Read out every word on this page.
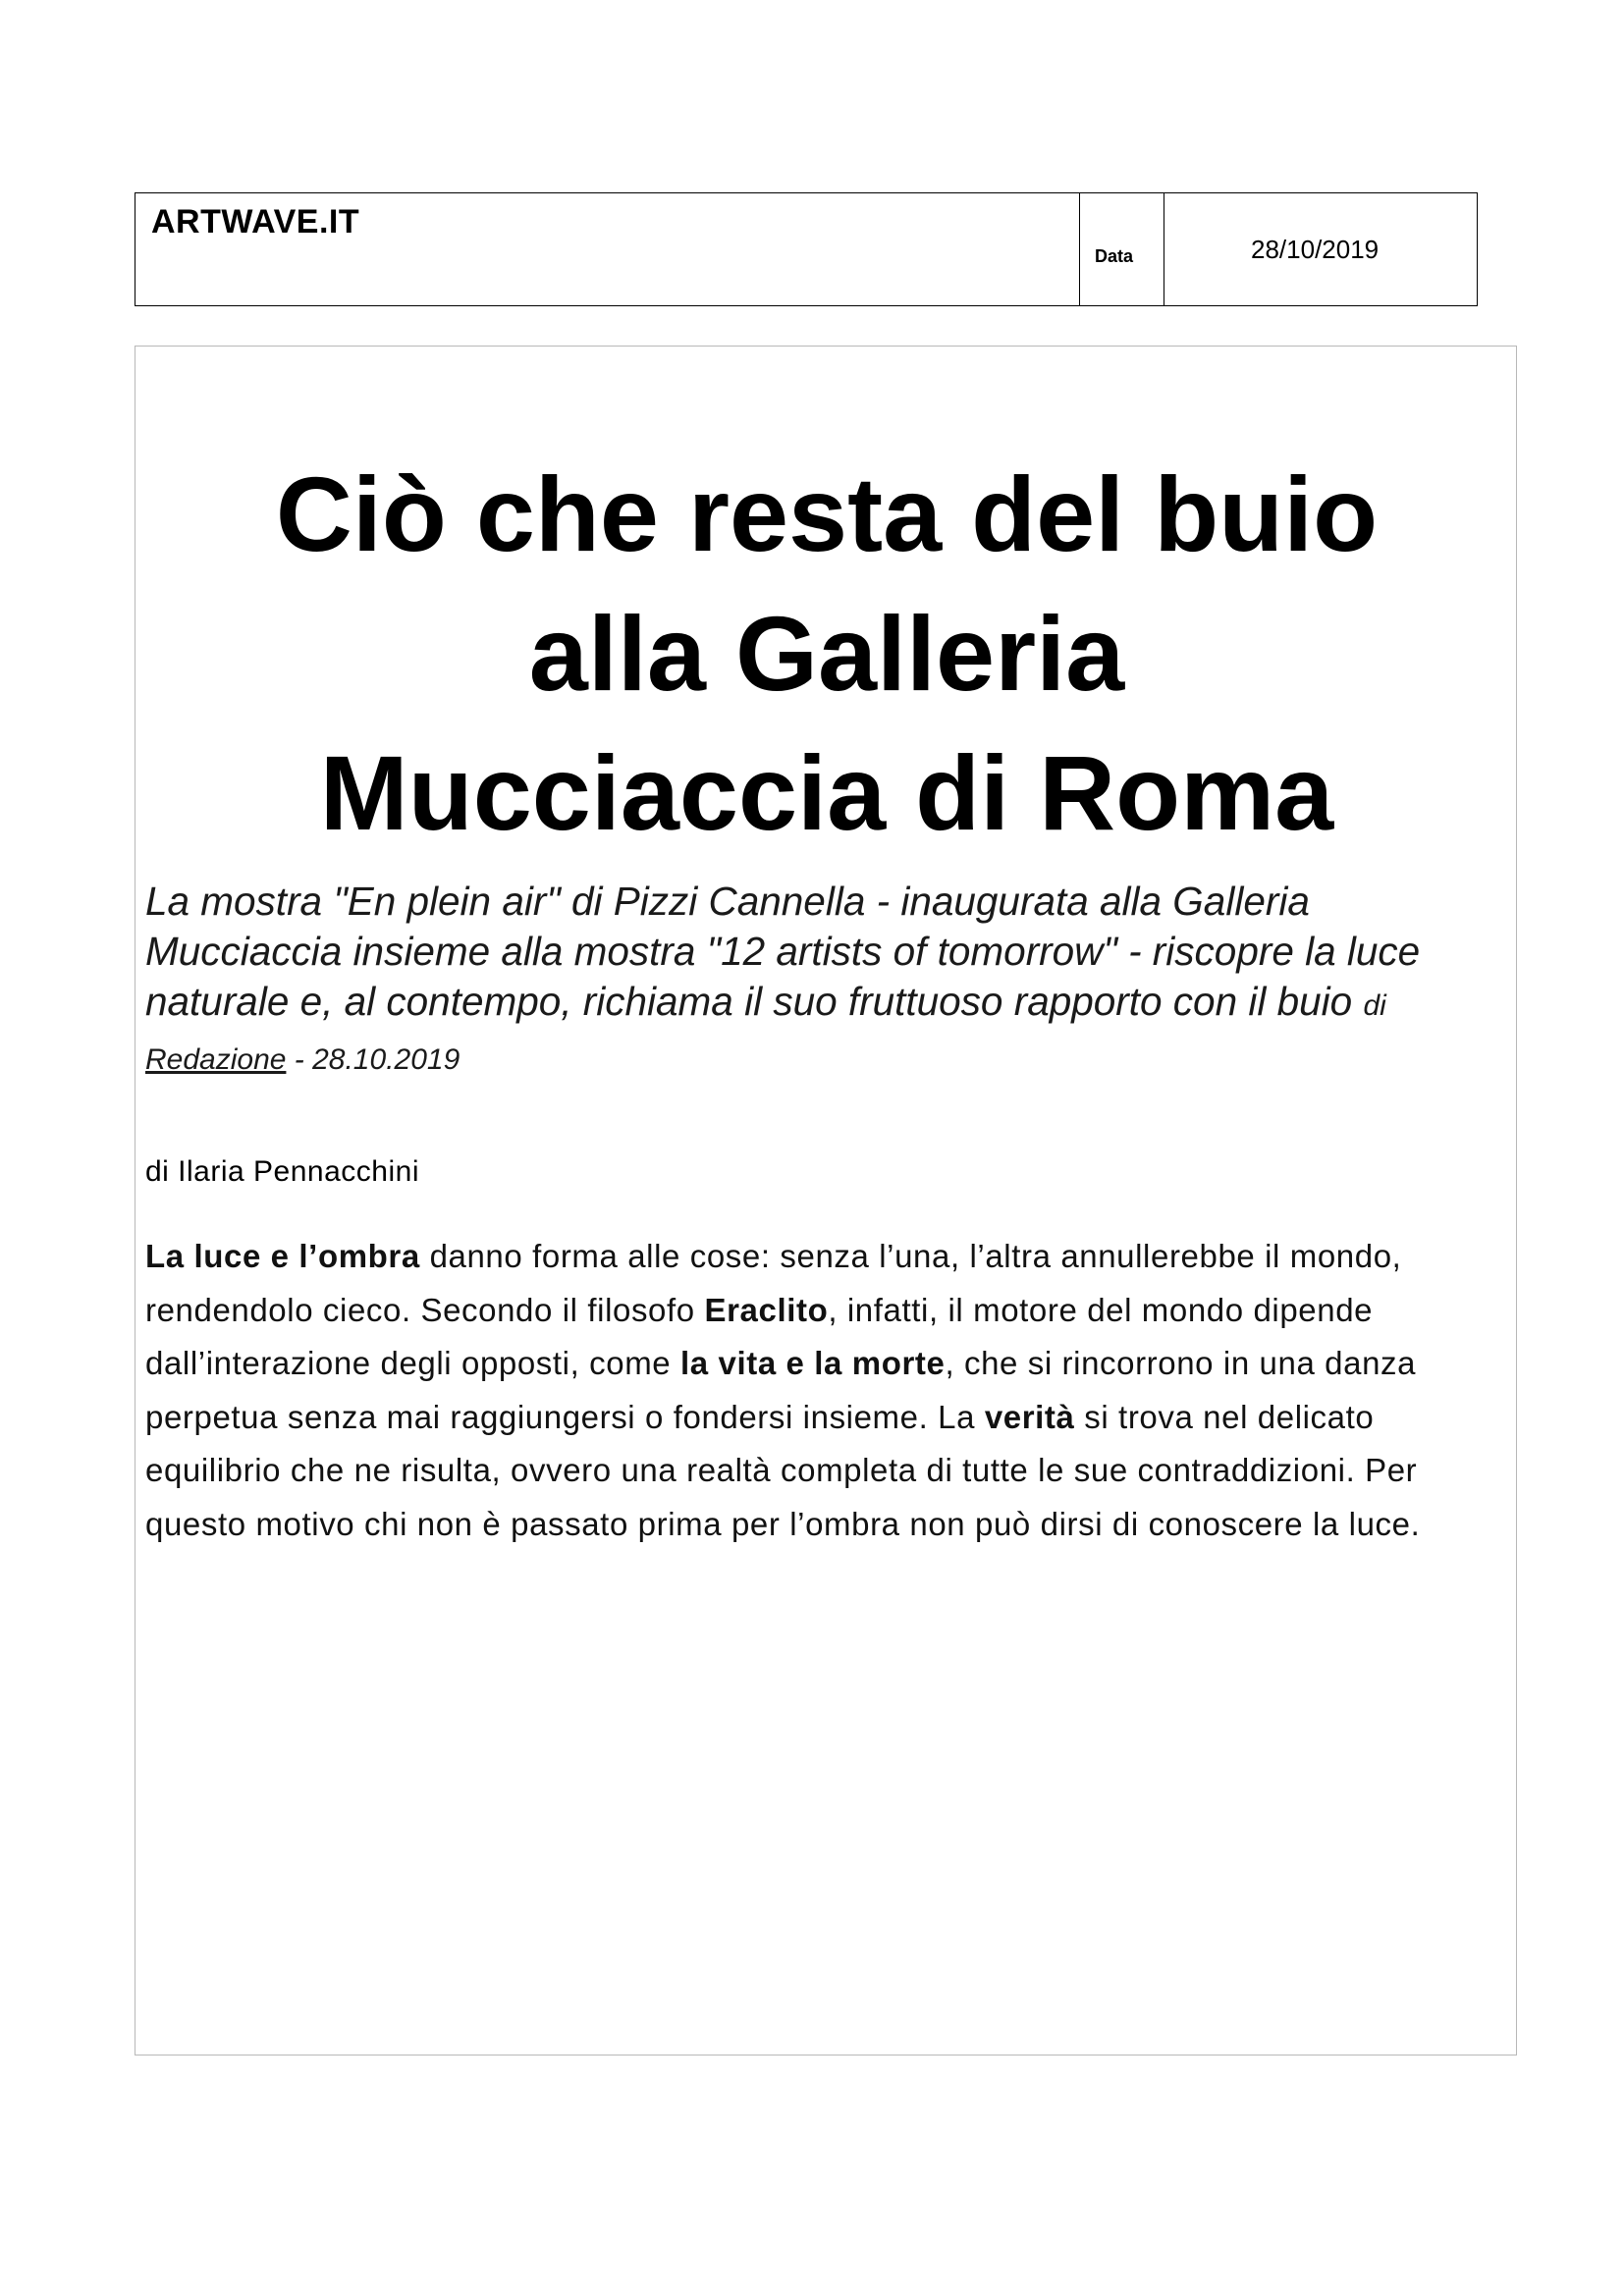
ARTWAVE.IT
Data	28/10/2019
Ciò che resta del buio
alla Galleria
Mucciaccia di Roma

La mostra "En plein air" di Pizzi Cannella - inaugurata alla Galleria Mucciaccia insieme alla mostra "12 artists of tomorrow" - riscopre la luce naturale e, al contempo, richiama il suo fruttuoso rapporto con il buio di Redazione - 28.10.2019

di Ilaria Pennacchini

La luce e l’ombra danno forma alle cose: senza l’una, l’altra annullerebbe il mondo, rendendolo cieco. Secondo il filosofo Eraclito, infatti, il motore del mondo dipende dall’interazione degli opposti, come la vita e la morte, che si rincorrono in una danza perpetua senza mai raggiungersi o fondersi insieme. La verità si trova nel delicato equilibrio che ne risulta, ovvero una realtà completa di tutte le sue contraddizioni. Per questo motivo chi non è passato prima per l’ombra non può dirsi di conoscere la luce.
